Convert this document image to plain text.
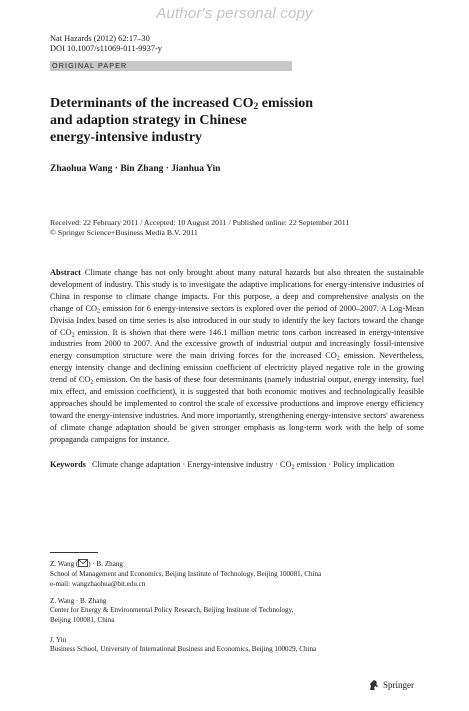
Author's personal copy

Nat Hazards (2012) 62:17–30

DOI 10.1007/s11069-011-9937-y

ORIGINAL PAPER
Determinants of the increased $CO_2$ emission
and adaption strategy in Chinese
energy-intensive industry
Zhaohua Wang · Bin Zhang · Jianhua Yin
Received: 22 February 2011 / Accepted: 10 August 2011 / Published online: 22 September 2011
© Springer Science+Business Media B.V. 2011
Abstract Climate change has not only brought about many natural hazards but also threaten the sustainable development of industry. This study is to investigate the adaptive implications for energy-intensive industries of China in response to climate change impacts. For this purpose, a deep and comprehensive analysis on the change of $CO_2$ emission for 6 energy-intensive sectors is explored over the period of 2000–2007. A Log-Mean Divisia Index based on time series is also introduced in our study to identify the key factors toward the change of $CO_2$ emission. It is shown that there were 146.1 million metric tons carbon increased in energy-intensive industries from 2000 to 2007. And the excessive growth of industrial output and increasingly fossil-intensive energy consumption structure were the main driving forces for the increased $CO_2$ emission. Nevertheless, energy intensity change and declining emission coefficient of electricity played negative role in the growing trend of $CO_2$ emission. On the basis of these four determinants (namely industrial output, energy intensity, fuel mix effect, and emission coefficient), it is suggested that both economic motives and technologically feasible approaches should be implemented to control the scale of excessive productions and improve energy efficiency toward the energy-intensive industries. And more importantly, strengthening energy-intensive sectors' awareness of climate change adaptation should be given stronger emphasis as long-term work with the help of some propaganda campaigns for instance.
Keywords Climate change adaptation · Energy-intensive industry · $CO_2$ emission · Policy implication
Z. Wang ( ) · B. Zhang
School of Management and Economics, Beijing Institute of Technology, Beijing 100081, China
e-mail: wangzhaohua@bit.edu.cn
Z. Wang · B. Zhang
Center for Energy & Environmental Policy Research, Beijing Institute of Technology,
Beijing 100081, China
J. Yin
Business School, University of International Business and Economics, Beijing 100029, China
Springer
